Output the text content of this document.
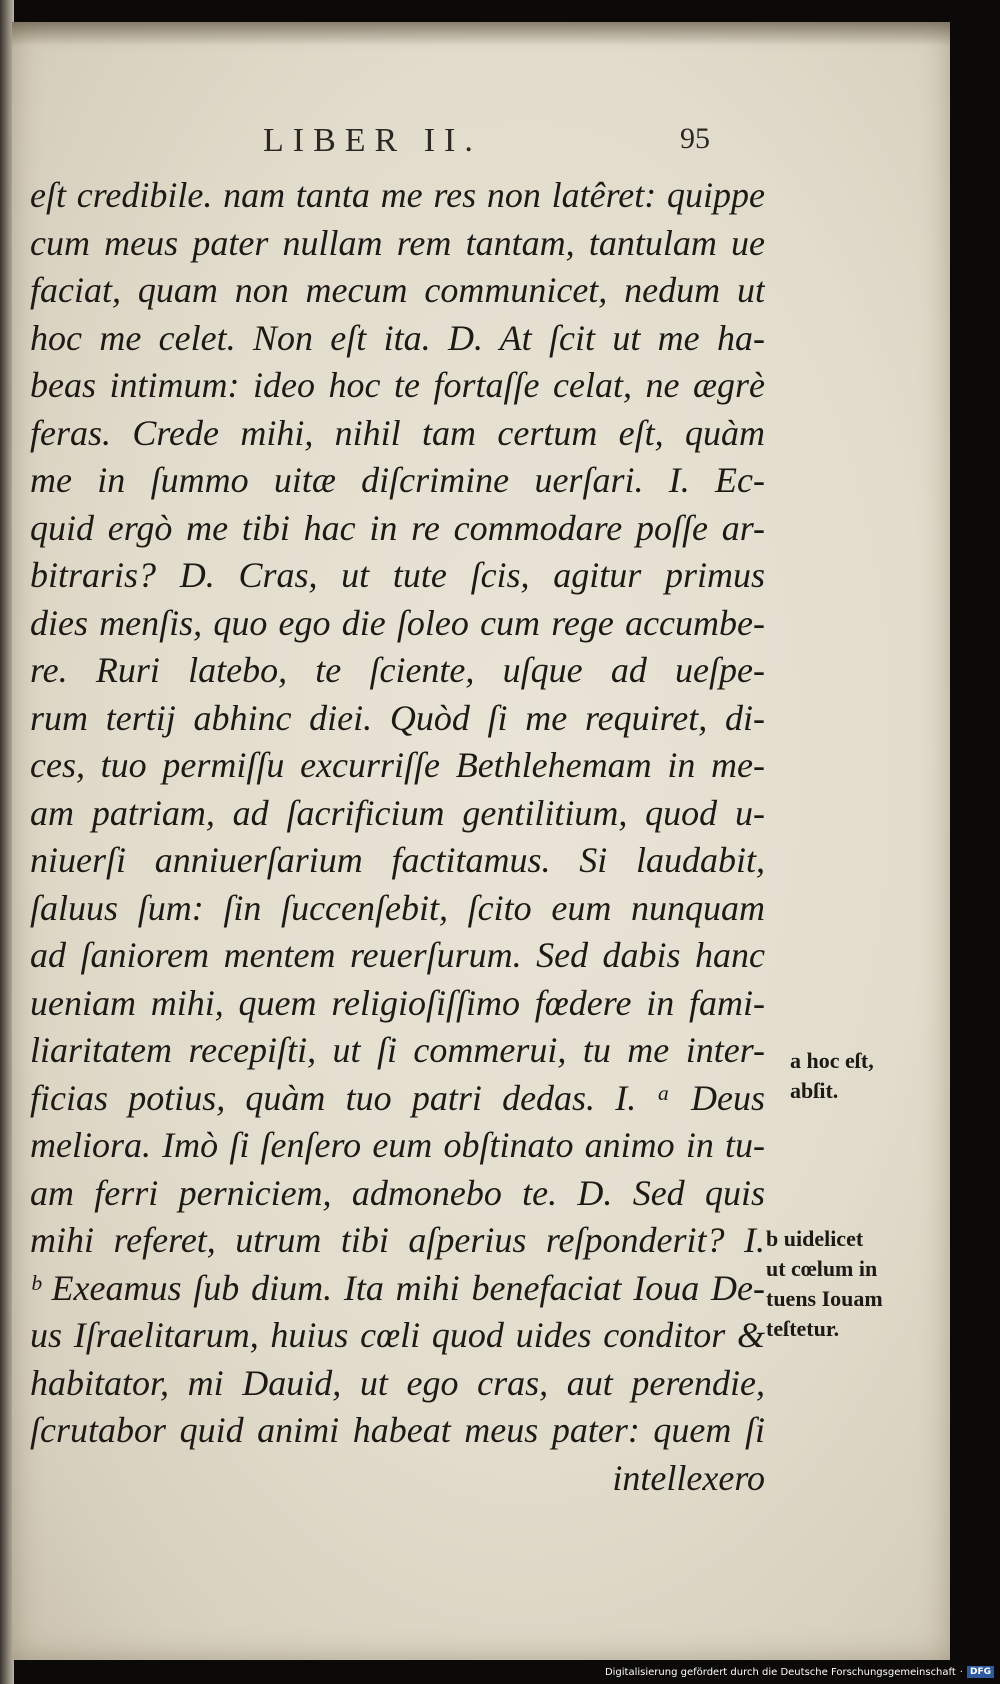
LIBER II.	95
eſt credibile. nam tanta me res non latêret: quippe
cum meus pater nullam rem tantam, tantulam ue
faciat, quam non mecum communicet, nedum ut
hoc me celet. Non eſt ita. D. At ſcit ut me ha-
beas intimum: ideo hoc te fortaſſe celat, ne ægrè
feras. Crede mihi, nihil tam certum eſt, quàm
me in ſummo uitæ diſcrimine uerſari. I. Ec-
quid ergò me tibi hac in re commodare poſſe ar-
bitraris? D. Cras, ut tute ſcis, agitur primus
dies menſis, quo ego die ſoleo cum rege accumbe-
re. Ruri latebo, te ſciente, uſque ad ueſpe-
rum tertij abhinc diei. Quòd ſi me requiret, di-
ces, tuo permiſſu excurriſſe Bethlehemam in me-
am patriam, ad ſacrificium gentilitium, quod u-
niuerſi anniuerſarium factitamus. Si laudabit,
ſaluus ſum: ſin ſuccenſebit, ſcito eum nunquam
ad ſaniorem mentem reuerſurum. Sed dabis hanc
ueniam mihi, quem religioſiſſimo fœdere in fami-
liaritatem recepiſti, ut ſi commerui, tu me inter-
ficias potius, quàm tuo patri dedas. I. ᵃ Deus
meliora. Imò ſi ſenſero eum obſtinato animo in tu-
am ferri perniciem, admonebo te. D. Sed quis
mihi referet, utrum tibi aſperius reſponderit? I.
ᵇ Exeamus ſub dium. Ita mihi benefaciat Ioua De-
us Iſraelitarum, huius cœli quod uides conditor &
habitator, mi Dauid, ut ego cras, aut perendie,
ſcrutabor quid animi habeat meus pater: quem ſi
intellexero
a hoc eſt,
abſit.
b uidelicet
ut cœlum in
tuens Iouam
teſtetur.
Digitalisierung gefördert durch die Deutsche Forschungsgemeinschaft · DFG
